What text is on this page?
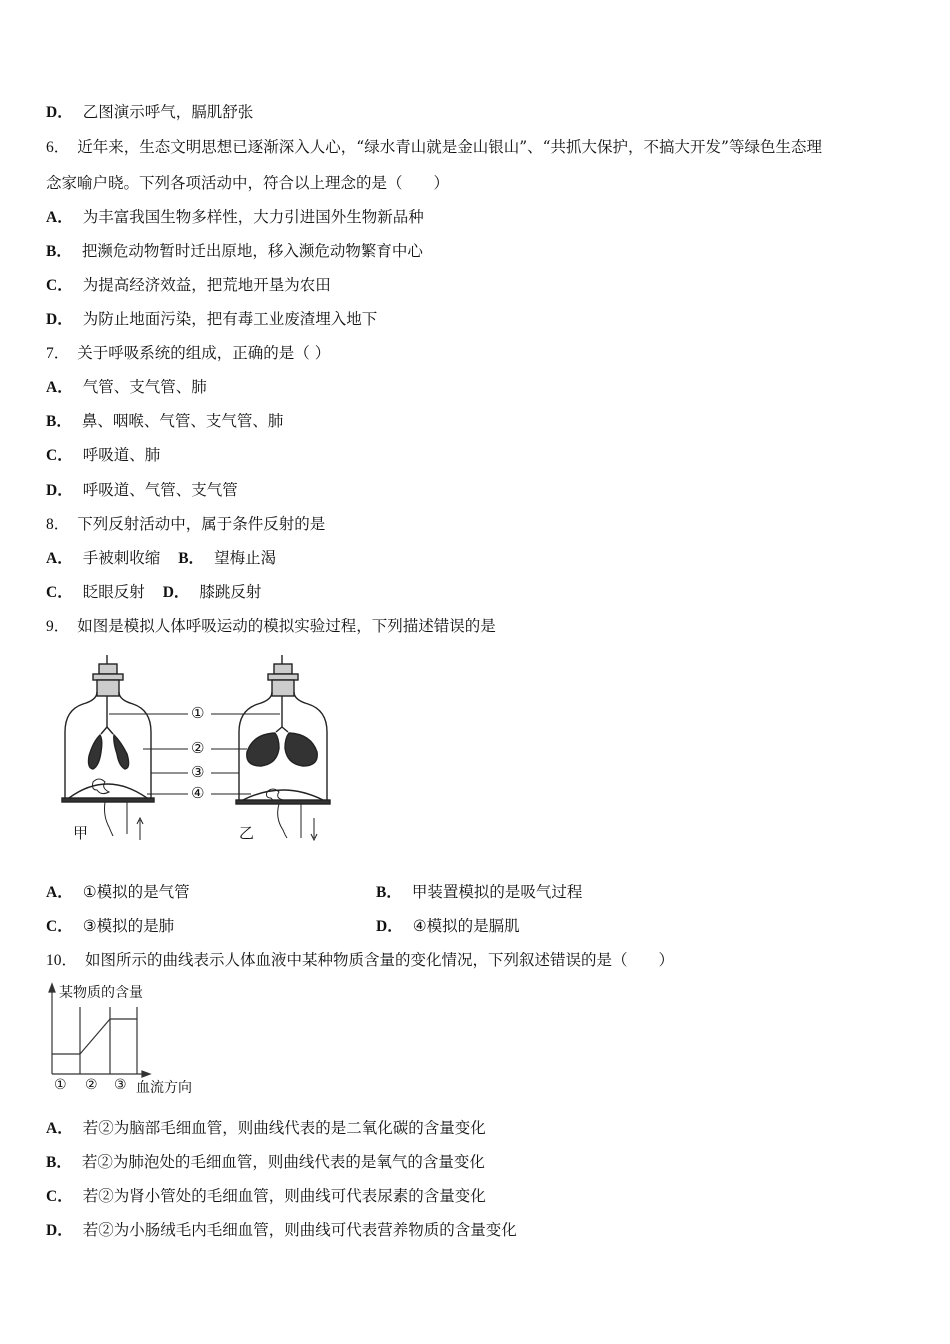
D． 乙图演示呼气，膈肌舒张
6． 近年来，生态文明思想已逐渐深入人心，“绿水青山就是金山银山”、“共抓大保护，不搞大开发”等绿色生态理
念家喻户晓。下列各项活动中，符合以上理念的是（　　）
A． 为丰富我国生物多样性，大力引进国外生物新品种
B． 把濒危动物暂时迁出原地，移入濒危动物繁育中心
C． 为提高经济效益，把荒地开垦为农田
D． 为防止地面污染，把有毒工业废渣埋入地下
7． 关于呼吸系统的组成，正确的是（ ）
A． 气管、支气管、肺
B． 鼻、咽喉、气管、支气管、肺
C． 呼吸道、肺
D． 呼吸道、气管、支气管
8． 下列反射活动中，属于条件反射的是
A． 手被刺收缩 B． 望梅止渴
C． 眨眼反射 D． 膝跳反射
9． 如图是模拟人体呼吸运动的模拟实验过程，下列描述错误的是
①
②
③
④
甲	乙
A． ①模拟的是气管	B． 甲装置模拟的是吸气过程
C． ③模拟的是肺	D． ④模拟的是膈肌
10． 如图所示的曲线表示人体血液中某种物质含量的变化情况，下列叙述错误的是（　　）
某物质的含量
① ② ③ 血流方向
A． 若②为脑部毛细血管，则曲线代表的是二氧化碳的含量变化
B． 若②为肺泡处的毛细血管，则曲线代表的是氧气的含量变化
C． 若②为肾小管处的毛细血管，则曲线可代表尿素的含量变化
D． 若②为小肠绒毛内毛细血管，则曲线可代表营养物质的含量变化
